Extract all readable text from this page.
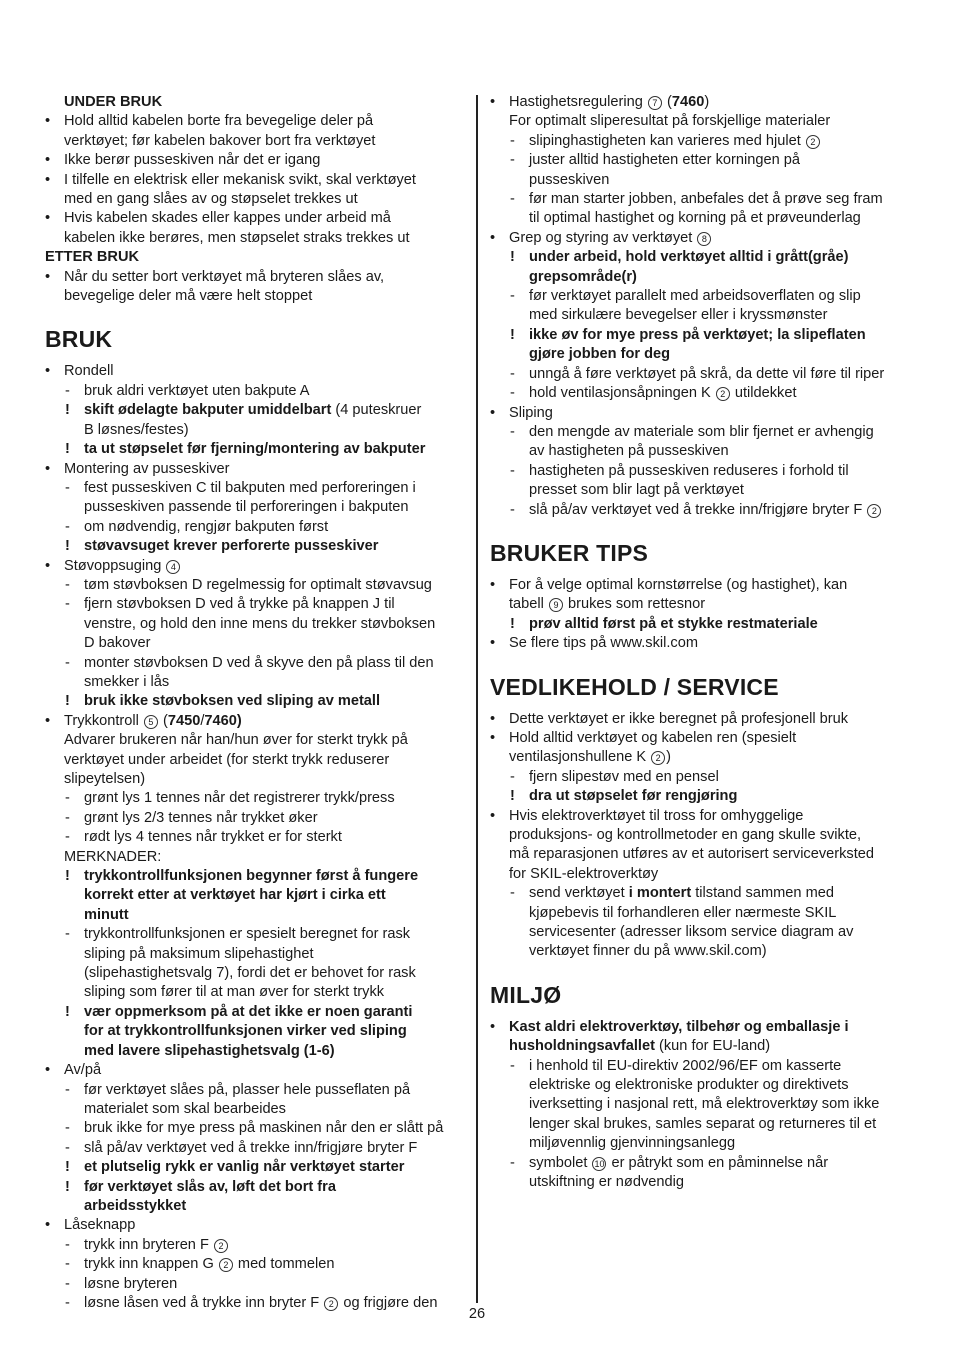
UNDER BRUK
• Hold alltid kabelen borte fra bevegelige deler på
verktøyet; før kabelen bakover bort fra verktøyet
• Ikke berør pusseskiven når det er igang
• I tilfelle en elektrisk eller mekanisk svikt, skal verktøyet
med en gang slåes av og støpselet trekkes ut
• Hvis kabelen skades eller kappes under arbeid må
kabelen ikke berøres, men støpselet straks trekkes ut
ETTER BRUK
• Når du setter bort verktøyet må bryteren slåes av,
bevegelige deler må være helt stoppet
BRUK
• Rondell
- bruk aldri verktøyet uten bakpute A
! skift ødelagte bakputer umiddelbart (4 puteskruer
B løsnes/festes)
! ta ut støpselet før fjerning/montering av bakputer
• Montering av pusseskiver
- fest pusseskiven C til bakputen med perforeringen i
pusseskiven passende til perforeringen i bakputen
- om nødvendig, rengjør bakputen først
! støvavsuget krever perforerte pusseskiver
• Støvoppsuging 4
- tøm støvboksen D regelmessig for optimalt støvavsug
- fjern støvboksen D ved å trykke på knappen J til
venstre, og hold den inne mens du trekker støvboksen
D bakover
- monter støvboksen D ved å skyve den på plass til den
smekker i lås
! bruk ikke støvboksen ved sliping av metall
• Trykkontroll 5 (7450/7460)
Advarer brukeren når han/hun øver for sterkt trykk på
verktøyet under arbeidet (for sterkt trykk reduserer
slipeytelsen)
- grønt lys 1 tennes når det registrerer trykk/press
- grønt lys 2/3 tennes når trykket øker
- rødt lys 4 tennes når trykket er for sterkt
MERKNADER:
! trykkontrollfunksjonen begynner først å fungere
korrekt etter at verktøyet har kjørt i cirka ett
minutt
- trykkontrollfunksjonen er spesielt beregnet for rask
sliping på maksimum slipehastighet
(slipehastighetsvalg 7), fordi det er behovet for rask
sliping som fører til at man øver for sterkt trykk
! vær oppmerksom på at det ikke er noen garanti
for at trykkontrollfunksjonen virker ved sliping
med lavere slipehastighetsvalg (1-6)
• Av/på
- før verktøyet slåes på, plasser hele pusseflaten på
materialet som skal bearbeides
- bruk ikke for mye press på maskinen når den er slått på
- slå på/av verktøyet ved å trekke inn/frigjøre bryter F
! et plutselig rykk er vanlig når verktøyet starter
! før verktøyet slås av, løft det bort fra
arbeidsstykket
• Låseknapp
- trykk inn bryteren F 2
- trykk inn knappen G 2 med tommelen
- løsne bryteren
- løsne låsen ved å trykke inn bryter F 2 og frigjøre den
• Hastighetsregulering 7 (7460)
For optimalt sliperesultat på forskjellige materialer
- slipinghastigheten kan varieres med hjulet 2
- juster alltid hastigheten etter korningen på
pusseskiven
- før man starter jobben, anbefales det å prøve seg fram
til optimal hastighet og korning på et prøveunderlag
• Grep og styring av verktøyet 8
! under arbeid, hold verktøyet alltid i grått(gråe)
grepsområde(r)
- før verktøyet parallelt med arbeidsoverflaten og slip
med sirkulære bevegelser eller i kryssmønster
! ikke øv for mye press på verktøyet; la slipeflaten
gjøre jobben for deg
- unngå å føre verktøyet på skrå, da dette vil føre til riper
- hold ventilasjonsåpningen K 2 utildekket
• Sliping
- den mengde av materiale som blir fjernet er avhengig
av hastigheten på pusseskiven
- hastigheten på pusseskiven reduseres i forhold til
presset som blir lagt på verktøyet
- slå på/av verktøyet ved å trekke inn/frigjøre bryter F 2
BRUKER TIPS
• For å velge optimal kornstørrelse (og hastighet), kan
tabell 9 brukes som rettesnor
! prøv alltid først på et stykke restmateriale
• Se flere tips på www.skil.com
VEDLIKEHOLD / SERVICE
• Dette verktøyet er ikke beregnet på profesjonell bruk
• Hold alltid verktøyet og kabelen ren (spesielt
ventilasjonshullene K 2 )
- fjern slipestøv med en pensel
! dra ut støpselet før rengjøring
• Hvis elektroverktøyet til tross for omhyggelige
produksjons- og kontrollmetoder en gang skulle svikte,
må reparasjonen utføres av et autorisert serviceverksted
for SKIL-elektroverktøy
- send verktøyet i montert tilstand sammen med
kjøpebevis til forhandleren eller nærmeste SKIL
servicesenter (adresser liksom service diagram av
verktøyet finner du på www.skil.com)
MILJØ
• Kast aldri elektroverktøy, tilbehør og emballasje i
husholdningsavfallet (kun for EU-land)
- i henhold til EU-direktiv 2002/96/EF om kasserte
elektriske og elektroniske produkter og direktivets
iverksetting i nasjonal rett, må elektroverktøy som ikke
lenger skal brukes, samles separat og returneres til et
miljøvennlig gjenvinningsanlegg
- symbolet 10 er påtrykt som en påminnelse når
utskiftning er nødvendig
26
